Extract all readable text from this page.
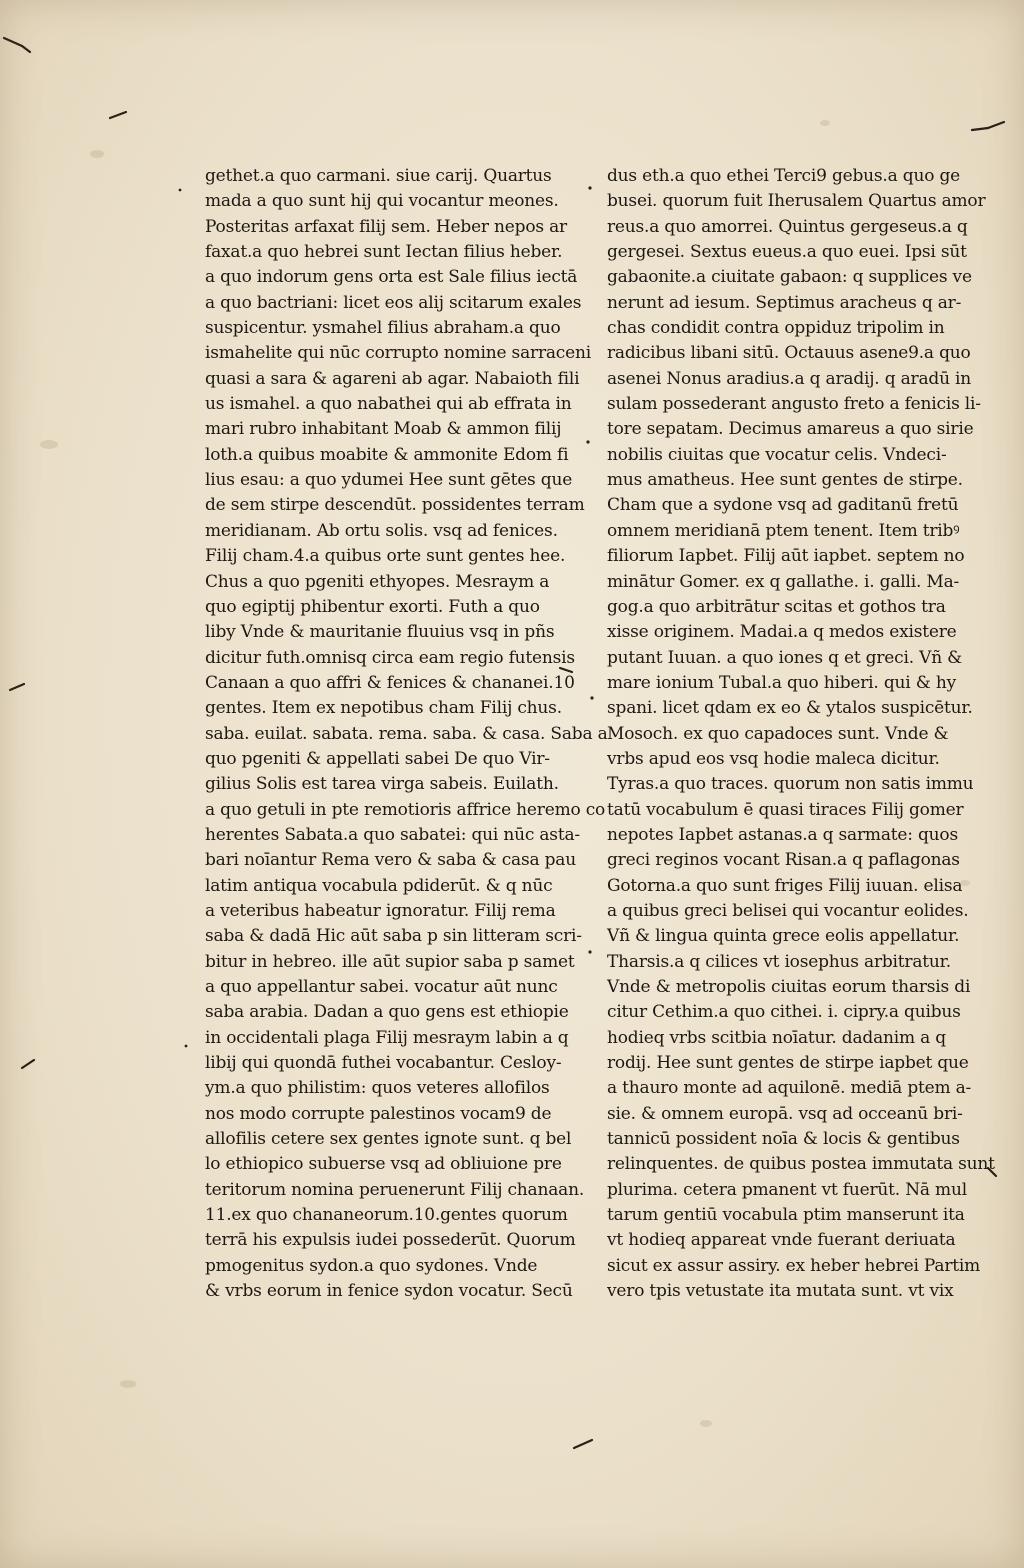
gethet.a quo carmani. siue carij. Quartus
mada a quo sunt hij qui vocantur meones.
Posteritas arfaxat filij sem. Heber nepos ar
faxat.a quo hebrei sunt Iectan filius heber.
a quo indorum gens orta est Sale filius iectā
a quo bactriani: licet eos alij scitarum exales
suspicentur. ysmahel filius abraham.a quo
ismahelite qui nūc corrupto nomine sarraceni
quasi a sara & agareni ab agar. Nabaioth fili
us ismahel. a quo nabathei qui ab effrata in
mari rubro inhabitant Moab & ammon filij
loth.a quibus moabite & ammonite Edom fi
lius esau: a quo ydumei Hee sunt gētes que
de sem stirpe descendūt. possidentes terram
meridianam. Ab ortu solis. vsq ad fenices.
Filij cham.4.a quibus orte sunt gentes hee.
Chus a quo pgeniti ethyopes. Mesraym a
quo egiptij phibentur exorti. Futh a quo
liby Vnde & mauritanie fluuius vsq in pñs
dicitur futh.omnisq circa eam regio futensis
Canaan a quo affri & fenices & chananei.10
gentes. Item ex nepotibus cham Filij chus.
saba. euilat. sabata. rema. saba. & casa. Saba a
quo pgeniti & appellati sabei De quo Vir-
gilius Solis est tarea virga sabeis. Euilath.
a quo getuli in pte remotioris affrice heremo co
herentes Sabata.a quo sabatei: qui nūc asta-
bari noīantur Rema vero & saba & casa pau
latim antiqua vocabula pdiderūt. & q nūc
a veteribus habeatur ignoratur. Filij rema
saba & dadā Hic aūt saba p sin litteram scri-
bitur in hebreo. ille aūt supior saba p samet
a quo appellantur sabei. vocatur aūt nunc
saba arabia. Dadan a quo gens est ethiopie
in occidentali plaga Filij mesraym labin a q
libij qui quondā futhei vocabantur. Cesloy-
ym.a quo philistim: quos veteres allofilos
nos modo corrupte palestinos vocam9 de
allofilis cetere sex gentes ignote sunt. q bel
lo ethiopico subuerse vsq ad obliuione pre
teritorum nomina peruenerunt Filij chanaan.
11.ex quo chananeorum.10.gentes quorum
terrā his expulsis iudei possederūt. Quorum
pmogenitus sydon.a quo sydones. Vnde
& vrbs eorum in fenice sydon vocatur. Secū
dus eth.a quo ethei Terci9 gebus.a quo ge
busei. quorum fuit Iherusalem Quartus amor
reus.a quo amorrei. Quintus gergeseus.a q
gergesei. Sextus eueus.a quo euei. Ipsi sūt
gabaonite.a ciuitate gabaon: q supplices ve
nerunt ad iesum. Septimus aracheus q ar-
chas condidit contra oppiduz tripolim in
radicibus libani sitū. Octauus asene9.a quo
asenei Nonus aradius.a q aradij. q aradū in
sulam possederant angusto freto a fenicis li-
tore sepatam. Decimus amareus a quo sirie
nobilis ciuitas que vocatur celis. Vndeci-
mus amatheus. Hee sunt gentes de stirpe.
Cham que a sydone vsq ad gaditanū fretū
omnem meridianā ptem tenent. Item tribꝰ
filiorum Iapbet. Filij aūt iapbet. septem no
minātur Gomer. ex q gallathe. i. galli. Ma-
gog.a quo arbitrātur scitas et gothos tra
xisse originem. Madai.a q medos existere
putant Iuuan. a quo iones q et greci. Vñ &
mare ionium Tubal.a quo hiberi. qui & hy
spani. licet qdam ex eo & ytalos suspicētur.
Mosoch. ex quo capadoces sunt. Vnde &
vrbs apud eos vsq hodie maleca dicitur.
Tyras.a quo traces. quorum non satis immu
tatū vocabulum ē quasi tiraces Filij gomer
nepotes Iapbet astanas.a q sarmate: quos
greci reginos vocant Risan.a q paflagonas
Gotorna.a quo sunt friges Filij iuuan. elisa
a quibus greci belisei qui vocantur eolides.
Vñ & lingua quinta grece eolis appellatur.
Tharsis.a q cilices vt iosephus arbitratur.
Vnde & metropolis ciuitas eorum tharsis di
citur Cethim.a quo cithei. i. cipry.a quibus
hodieq vrbs scitbia noīatur. dadanim a q
rodij. Hee sunt gentes de stirpe iapbet que
a thauro monte ad aquilonē. mediā ptem a-
sie. & omnem europā. vsq ad occeanū bri-
tannicū possident noīa & locis & gentibus
relinquentes. de quibus postea immutata sunt
plurima. cetera pmanent vt fuerūt. Nā mul
tarum gentiū vocabula ptim manserunt ita
vt hodieq appareat vnde fuerant deriuata
sicut ex assur assiry. ex heber hebrei Partim
vero tpis vetustate ita mutata sunt. vt vix
